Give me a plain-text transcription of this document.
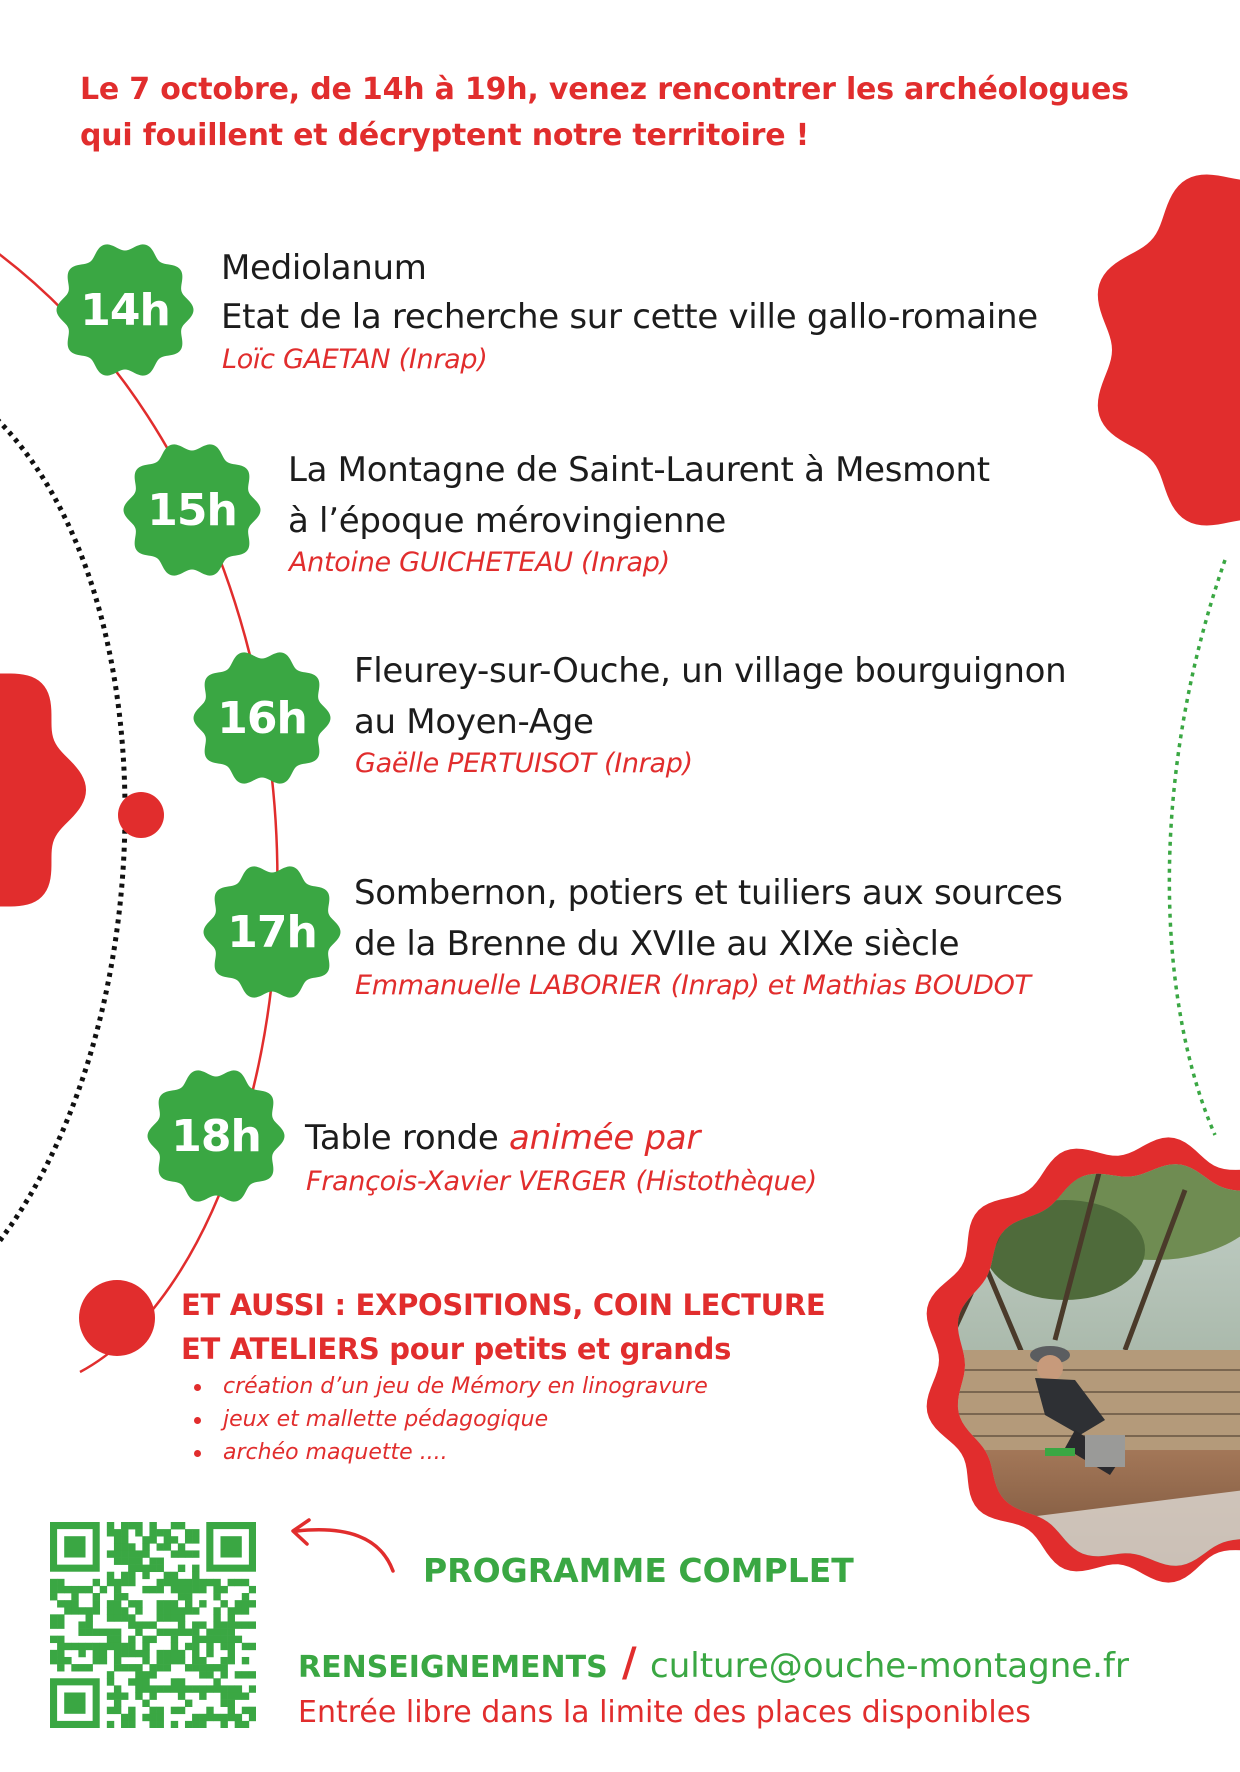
Le 7 octobre, de 14h à 19h, venez rencontrer les archéologues
qui fouillent et décryptent notre territoire !
14h
Mediolanum
Etat de la recherche sur cette ville gallo-romaine
Loïc GAETAN (Inrap)
15h
La Montagne de Saint-Laurent à Mesmont
à l’époque mérovingienne
Antoine GUICHETEAU (Inrap)
16h
Fleurey-sur-Ouche, un village bourguignon
au Moyen-Age
Gaëlle PERTUISOT (Inrap)
17h
Sombernon, potiers et tuiliers aux sources
de la Brenne du XVIIe au XIXe siècle
Emmanuelle LABORIER (Inrap) et Mathias BOUDOT
18h	Table ronde animée par
François-Xavier VERGER (Histothèque)
ET AUSSI : EXPOSITIONS, COIN LECTURE
ET ATELIERS pour petits et grands
création d’un jeu de Mémory en linogravure
jeux et mallette pédagogique
archéo maquette ....
PROGRAMME COMPLET
RENSEIGNEMENTS / culture@ouche-montagne.fr
Entrée libre dans la limite des places disponibles
